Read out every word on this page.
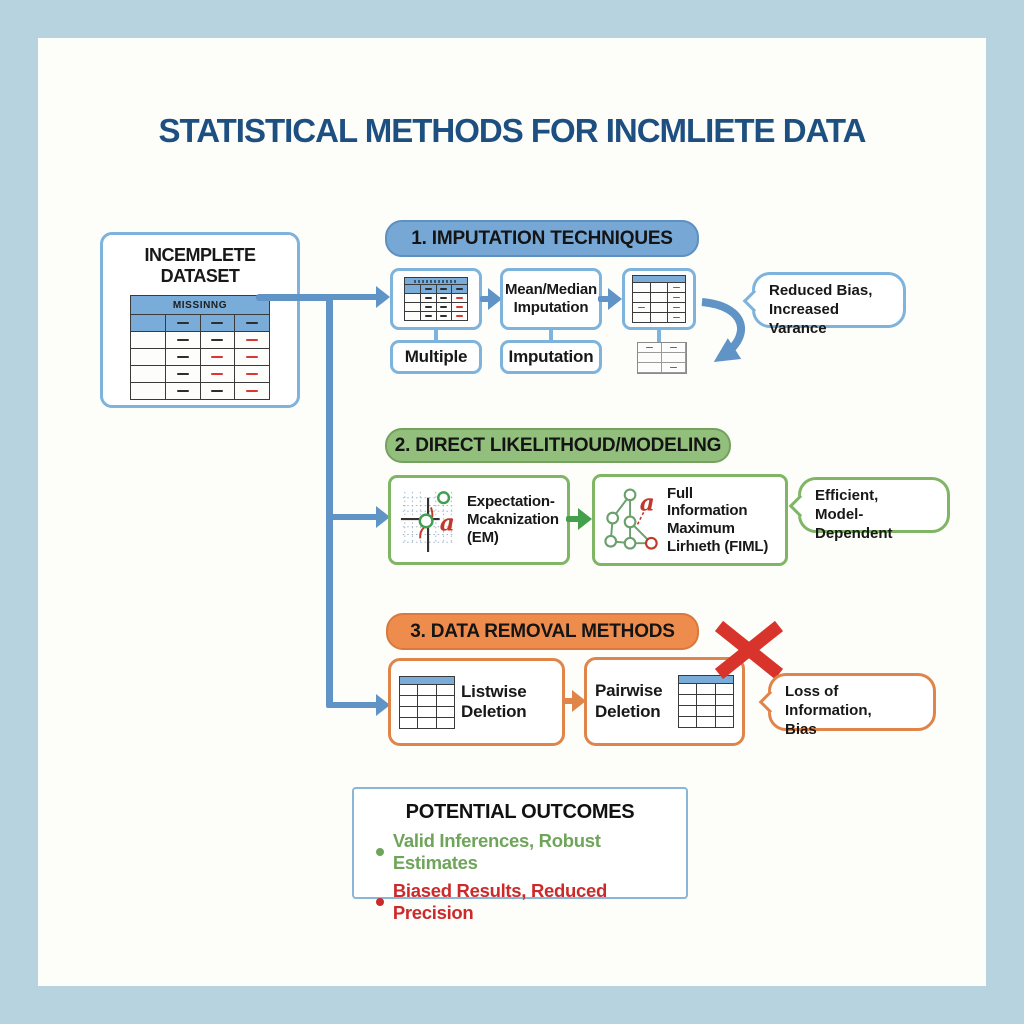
STATISTICAL METHODS FOR INCMLIETE DATA
INCEMPLETE DATASET
MISSINNG
1. IMPUTATION TECHNIQUES
Mean/Median Imputation
Multiple Imputation
Reduced Bias,
Increased Varance
2. DIRECT LIKELITHOUD/MODELING
a
Expectation-Mcaknization (EM)
a Full Information Maximum Lirhıeth (FIML)
Efficient,
Model-Dependent
3. DATA REMOVAL METHODS
Listwise Deletion
Pairwise Deletion
Loss of Information,
Bias
POTENTIAL OUTCOMES
Valid Inferences, Robust Estimates
Biased Results, Reduced Precision
